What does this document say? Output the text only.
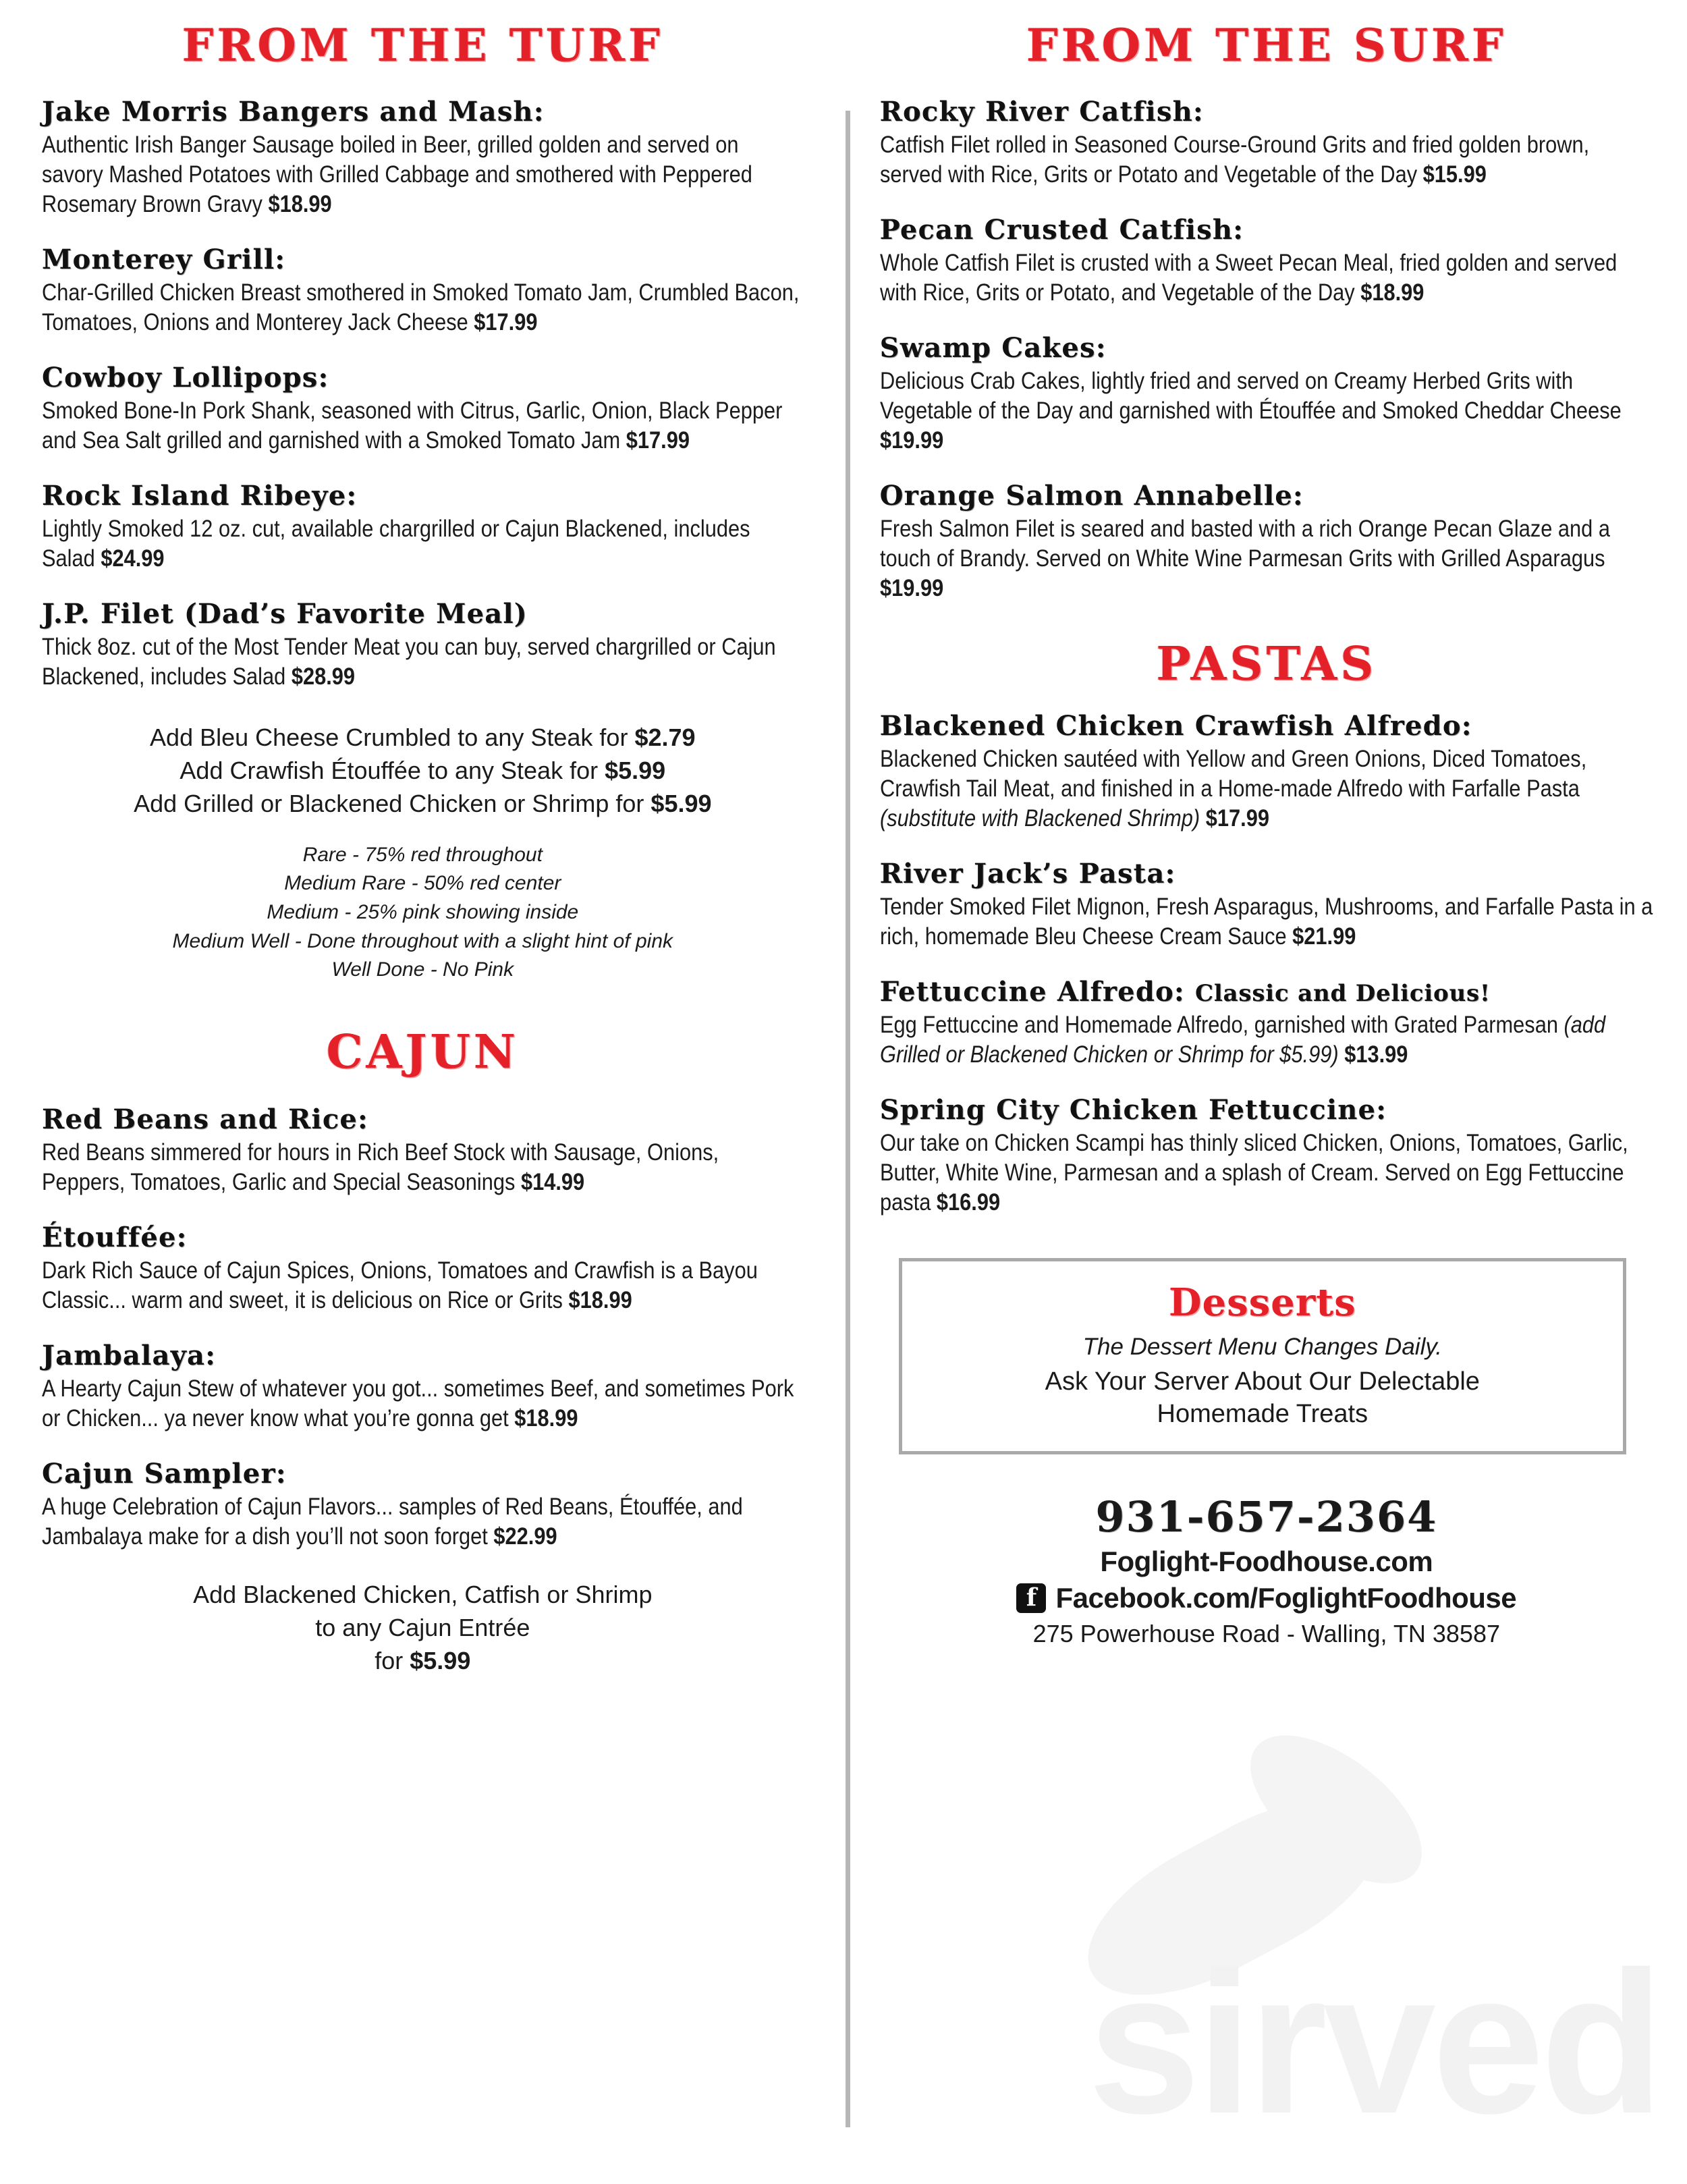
sirved
FROM THE TURF
Jake Morris Bangers and Mash:

Authentic Irish Banger Sausage boiled in Beer, grilled golden and served on savory Mashed Potatoes with Grilled Cabbage and smothered with Peppered Rosemary Brown Gravy $18.99

Monterey Grill:

Char-Grilled Chicken Breast smothered in Smoked Tomato Jam, Crumbled Bacon, Tomatoes, Onions and Monterey Jack Cheese $17.99

Cowboy Lollipops:

Smoked Bone-In Pork Shank, seasoned with Citrus, Garlic, Onion, Black Pepper and Sea Salt grilled and garnished with a Smoked Tomato Jam $17.99

Rock Island Ribeye:

Lightly Smoked 12 oz. cut, available chargrilled or Cajun Blackened, includes Salad $24.99

J.P. Filet (Dad’s Favorite Meal)

Thick 8oz. cut of the Most Tender Meat you can buy, served chargrilled or Cajun Blackened, includes Salad $28.99

Add Bleu Cheese Crumbled to any Steak for $2.79
Add Crawfish Étouffée to any Steak for $5.99
Add Grilled or Blackened Chicken or Shrimp for $5.99
Rare - 75% red throughout
Medium Rare - 50% red center
Medium - 25% pink showing inside
Medium Well - Done throughout with a slight hint of pink
Well Done - No Pink
CAJUN
Red Beans and Rice:

Red Beans simmered for hours in Rich Beef Stock with Sausage, Onions, Peppers, Tomatoes, Garlic and Special Seasonings $14.99

Étouffée:

Dark Rich Sauce of Cajun Spices, Onions, Tomatoes and Crawfish is a Bayou Classic... warm and sweet, it is delicious on Rice or Grits $18.99

Jambalaya:

A Hearty Cajun Stew of whatever you got... sometimes Beef, and sometimes Pork or Chicken... ya never know what you’re gonna get $18.99

Cajun Sampler:

A huge Celebration of Cajun Flavors... samples of Red Beans, Étouffée, and Jambalaya make for a dish you’ll not soon forget $22.99

Add Blackened Chicken, Catfish or Shrimp
to any Cajun Entrée
for $5.99
FROM THE SURF
Rocky River Catfish:

Catfish Filet rolled in Seasoned Course-Ground Grits and fried golden brown, served with Rice, Grits or Potato and Vegetable of the Day $15.99

Pecan Crusted Catfish:

Whole Catfish Filet is crusted with a Sweet Pecan Meal, fried golden and served with Rice, Grits or Potato, and Vegetable of the Day $18.99

Swamp Cakes:

Delicious Crab Cakes, lightly fried and served on Creamy Herbed Grits with Vegetable of the Day and garnished with Étouffée and Smoked Cheddar Cheese $19.99

Orange Salmon Annabelle:

Fresh Salmon Filet is seared and basted with a rich Orange Pecan Glaze and a touch of Brandy. Served on White Wine Parmesan Grits with Grilled Asparagus $19.99

PASTAS
Blackened Chicken Crawfish Alfredo:

Blackened Chicken sautéed with Yellow and Green Onions, Diced Tomatoes, Crawfish Tail Meat, and finished in a Home-made Alfredo with Farfalle Pasta (substitute with Blackened Shrimp) $17.99

River Jack’s Pasta:

Tender Smoked Filet Mignon, Fresh Asparagus, Mushrooms, and Farfalle Pasta in a rich, homemade Bleu Cheese Cream Sauce $21.99

Fettuccine Alfredo: Classic and Delicious!

Egg Fettuccine and Homemade Alfredo, garnished with Grated Parmesan (add Grilled or Blackened Chicken or Shrimp for $5.99) $13.99

Spring City Chicken Fettuccine:

Our take on Chicken Scampi has thinly sliced Chicken, Onions, Tomatoes, Garlic, Butter, White Wine, Parmesan and a splash of Cream. Served on Egg Fettuccine pasta $16.99

Desserts
The Dessert Menu Changes Daily.
Ask Your Server About Our Delectable
Homemade Treats
931-657-2364
Foglight-Foodhouse.com
f
Facebook.com/FoglightFoodhouse
275 Powerhouse Road - Walling, TN 38587
